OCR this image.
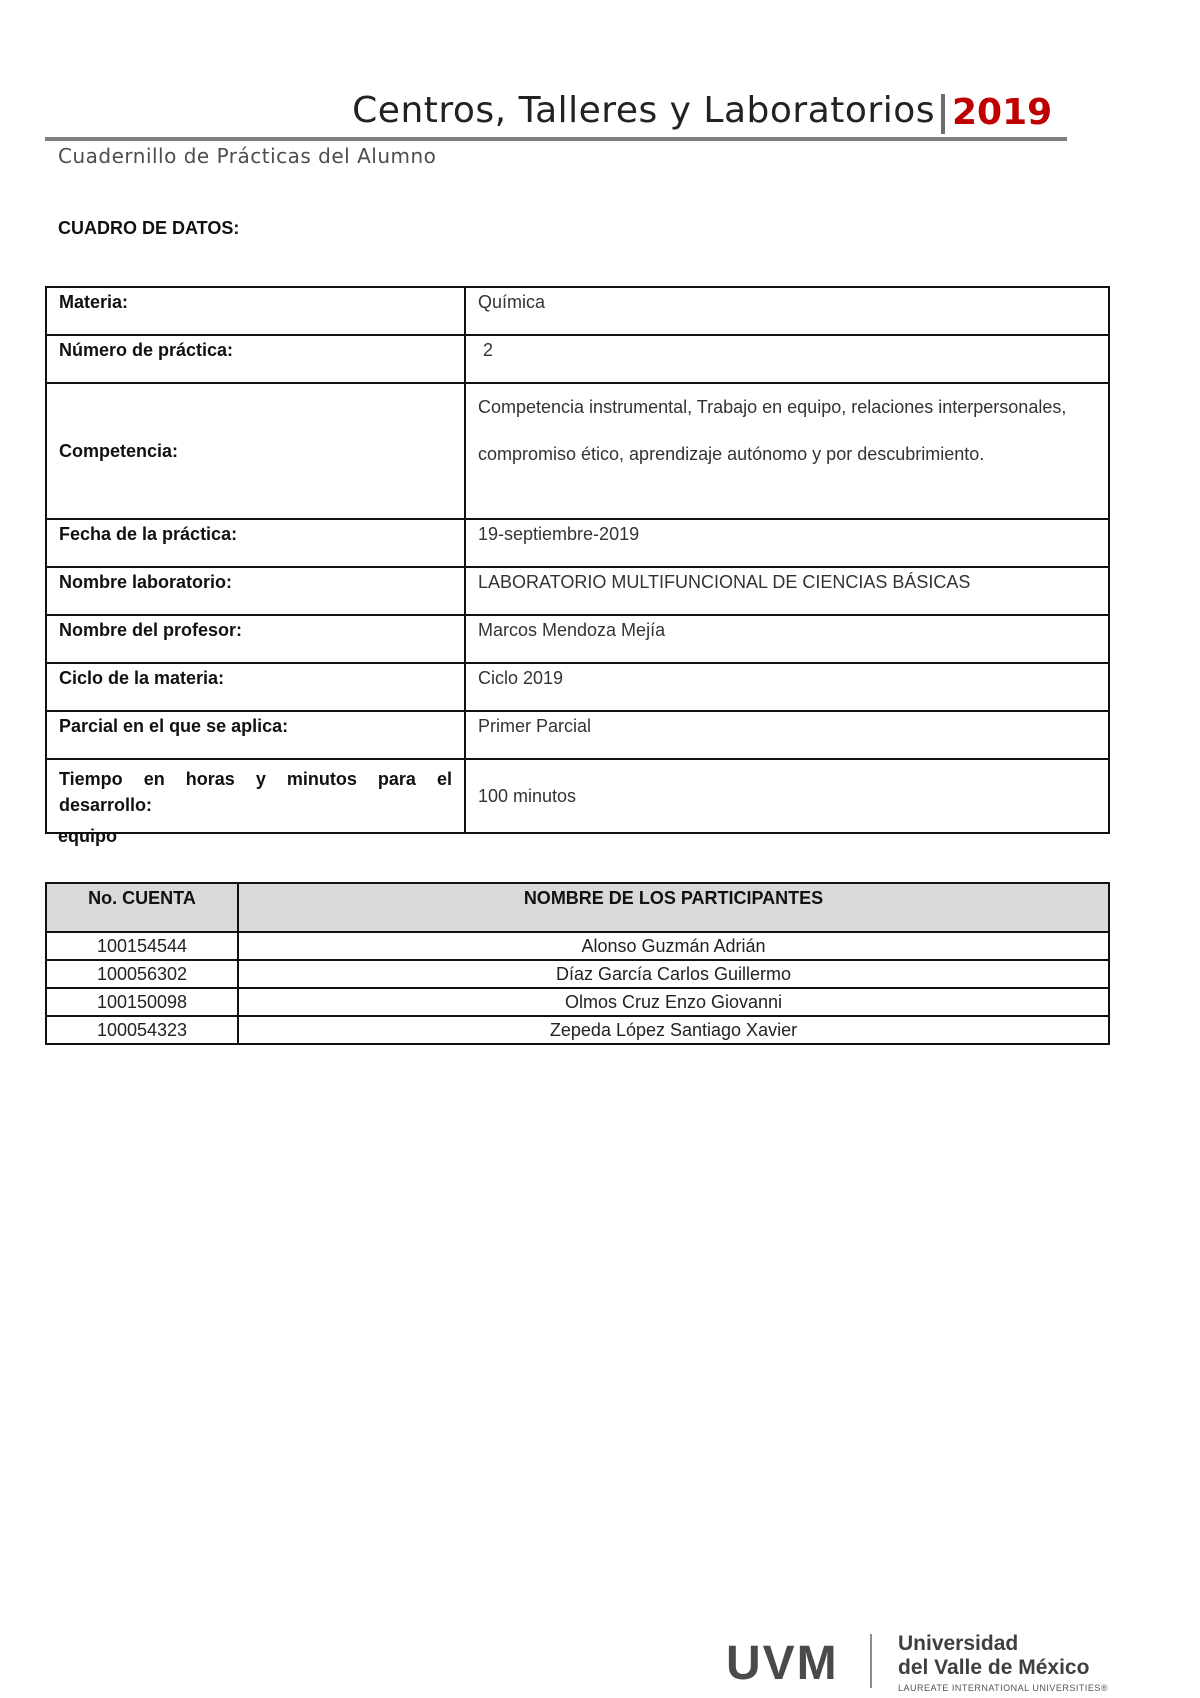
Centros, Talleres y Laboratorios 2019
Cuadernillo de Prácticas del Alumno
CUADRO DE DATOS:
Materia:	Química
Número de práctica:	2
Competencia:	Competencia instrumental, Trabajo en equipo, relaciones interpersonales, compromiso ético, aprendizaje autónomo y por descubrimiento.
Fecha de la práctica:	19-septiembre-2019
Nombre laboratorio:	LABORATORIO MULTIFUNCIONAL DE CIENCIAS BÁSICAS
Nombre del profesor:	Marcos Mendoza Mejía
Ciclo de la materia:	Ciclo 2019
Parcial en el que se aplica:	Primer Parcial
Tiempo en horas y minutos para el desarrollo:	100 minutos
equipo
No. CUENTA	NOMBRE DE LOS PARTICIPANTES
100154544	Alonso Guzmán Adrián
100056302	Díaz García Carlos Guillermo
100150098	Olmos Cruz Enzo Giovanni
100054323	Zepeda López Santiago Xavier
UVM	Universidad
del Valle de México
LAUREATE INTERNATIONAL UNIVERSITIES®
